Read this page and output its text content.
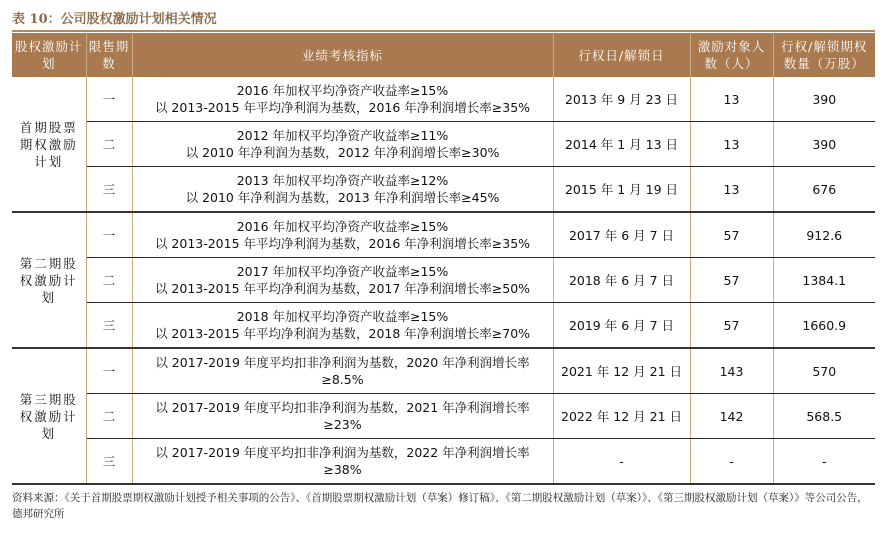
表 10：公司股权激励计划相关情况
股权激励计划	限售期数	业绩考核指标	行权日/解锁日	激励对象人数（人）	行权/解锁期权数量（万股）
首期股票期权激励计划	一	2016 年加权平均净资产收益率≥15%
以 2013-2015 年平均净利润为基数，2016 年净利润增长率≥35%	2013 年 9 月 23 日	13	390
	二	2012 年加权平均净资产收益率≥11%
以 2010 年净利润为基数，2012 年净利润增长率≥30%	2014 年 1 月 13 日	13	390
	三	2013 年加权平均净资产收益率≥12%
以 2010 年净利润为基数，2013 年净利润增长率≥45%	2015 年 1 月 19 日	13	676
第二期股权激励计划	一	2016 年加权平均净资产收益率≥15%
以 2013-2015 年平均净利润为基数，2016 年净利润增长率≥35%	2017 年 6 月 7 日	57	912.6
	二	2017 年加权平均净资产收益率≥15%
以 2013-2015 年平均净利润为基数，2017 年净利润增长率≥50%	2018 年 6 月 7 日	57	1384.1
	三	2018 年加权平均净资产收益率≥15%
以 2013-2015 年平均净利润为基数，2018 年净利润增长率≥70%	2019 年 6 月 7 日	57	1660.9
第三期股权激励计划	一	以 2017-2019 年度平均扣非净利润为基数，2020 年净利润增长率
≥8.5%	2021 年 12 月 21 日	143	570
	二	以 2017-2019 年度平均扣非净利润为基数，2021 年净利润增长率
≥23%	2022 年 12 月 21 日	142	568.5
	三	以 2017-2019 年度平均扣非净利润为基数，2022 年净利润增长率
≥38%	-	-	-
资料来源：《关于首期股票期权激励计划授予相关事项的公告》、《首期股票期权激励计划（草案）修订稿》、《第二期股权激励计划（草案）》、《第三期股权激励计划（草案）》等公司公告，德邦研究所
